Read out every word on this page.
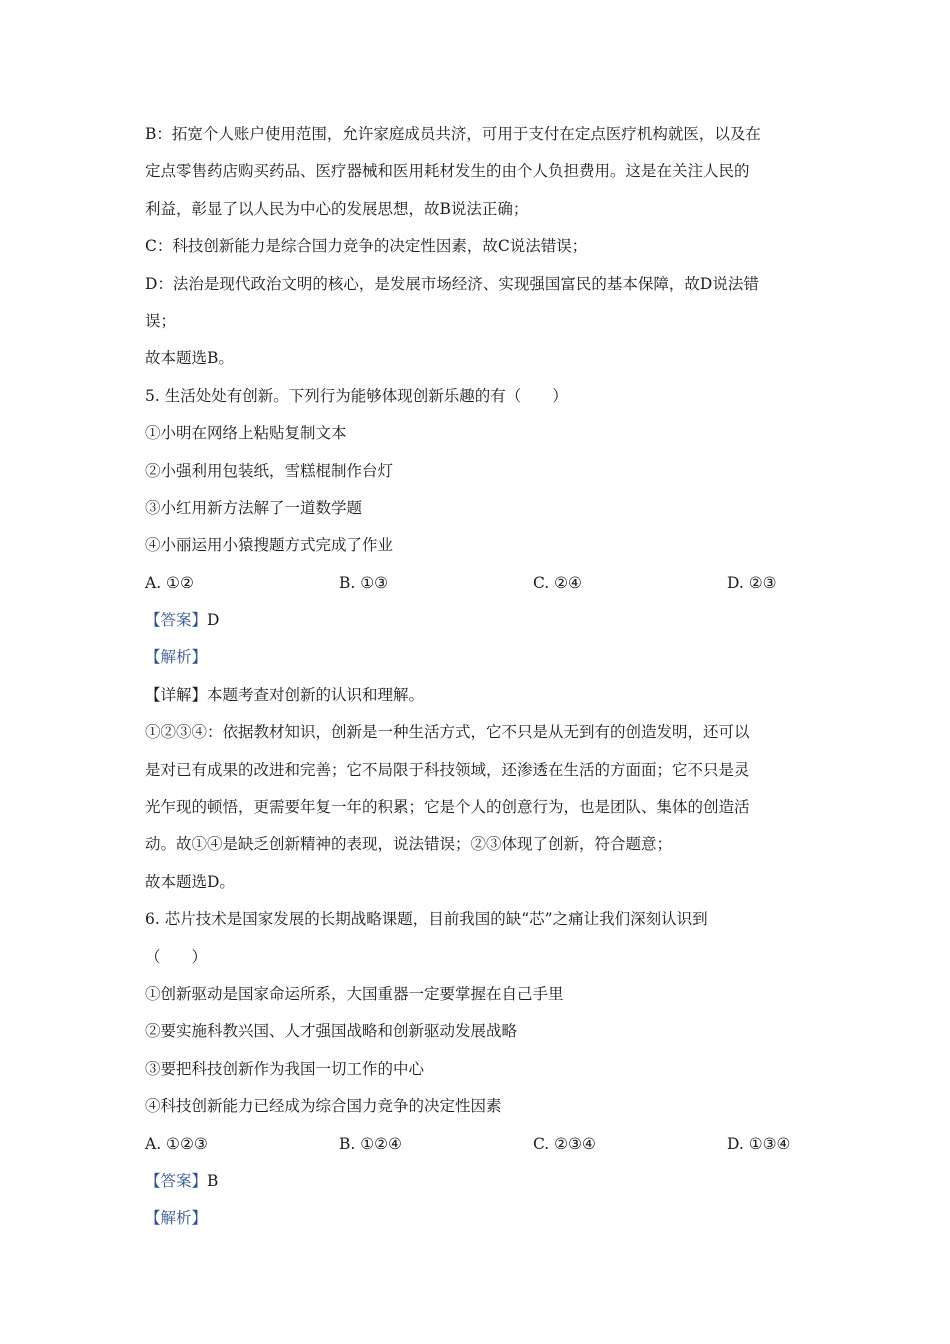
B：拓宽个人账户使用范围，允许家庭成员共济，可用于支付在定点医疗机构就医，以及在
定点零售药店购买药品、医疗器械和医用耗材发生的由个人负担费用。这是在关注人民的
利益，彰显了以人民为中心的发展思想，故B说法正确；
C：科技创新能力是综合国力竞争的决定性因素，故C说法错误；
D：法治是现代政治文明的核心，是发展市场经济、实现强国富民的基本保障，故D说法错
误；
故本题选B。
5. 生活处处有创新。下列行为能够体现创新乐趣的有（　　）
①小明在网络上粘贴复制文本
②小强利用包装纸，雪糕棍制作台灯
③小红用新方法解了一道数学题
④小丽运用小猿搜题方式完成了作业
A. ①②	B. ①③	C. ②④	D. ②③
【答案】D
【解析】
【详解】本题考查对创新的认识和理解。
①②③④：依据教材知识，创新是一种生活方式，它不只是从无到有的创造发明，还可以
是对已有成果的改进和完善；它不局限于科技领域，还渗透在生活的方面面；它不只是灵
光乍现的顿悟，更需要年复一年的积累；它是个人的创意行为，也是团队、集体的创造活
动。故①④是缺乏创新精神的表现，说法错误；②③体现了创新，符合题意；
故本题选D。
6. 芯片技术是国家发展的长期战略课题，目前我国的缺“芯”之痛让我们深刻认识到
（　　）
①创新驱动是国家命运所系，大国重器一定要掌握在自己手里
②要实施科教兴国、人才强国战略和创新驱动发展战略
③要把科技创新作为我国一切工作的中心
④科技创新能力已经成为综合国力竞争的决定性因素
A. ①②③	B. ①②④	C. ②③④	D. ①③④
【答案】B
【解析】
